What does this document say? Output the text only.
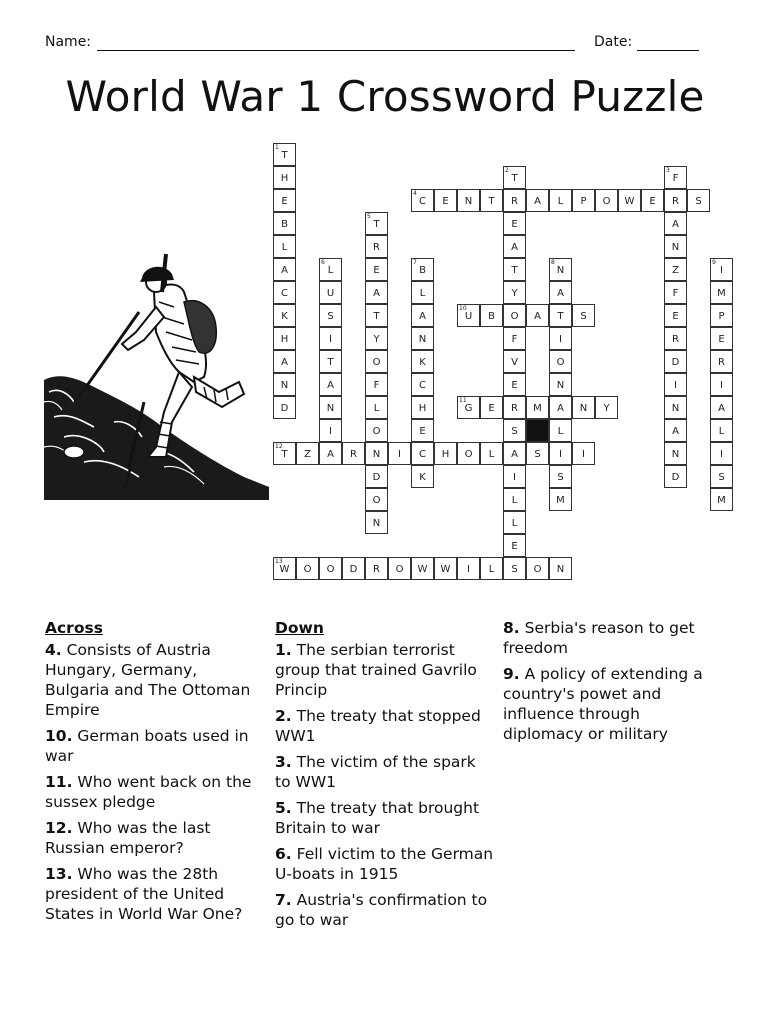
Name:	Date:
World War 1 Crossword Puzzle
T
1
H
E
B
L
A
C
K
H
A
N
D
T
2
R
E
A
T
Y
O
F
V
E
R
S
A
I
L
L
E
F
3
R
A
N
Z
F
E
R
D
I
N
A
N
D
C
4
E	N	T	A	L	P	O	W	E	S
T
5
R
E
A
T
Y
O
F
L
O
N
D
O
N
L
6
U
S
I
T
A
N
I
A
B
7
L
A
N
K
C
H
E
C
K
N
8
A
T
I
O
N
A
L
I
S
M
I
9
M
P
E
R
I
A
L
I
S
M
U
10
B	A	S
G
11
E	M	N	Y
T
12
Z	R	I	H	O	L	S	I
W
13
O	O	D	R	O	W	W	I	L	S	O	N
Across
4. Consists of Austria Hungary, Germany, Bulgaria and The Ottoman Empire
10. German boats used in war
11. Who went back on the sussex pledge
12. Who was the last Russian emperor?
13. Who was the 28th president of the United States in World War One?
Down
1. The serbian terrorist group that trained Gavrilo Princip
2. The treaty that stopped WW1
3. The victim of the spark to WW1
5. The treaty that brought Britain to war
6. Fell victim to the German U-boats in 1915
7. Austria's confirmation to go to war
8. Serbia's reason to get freedom
9. A policy of extending a country's powet and influence through diplomacy or military
